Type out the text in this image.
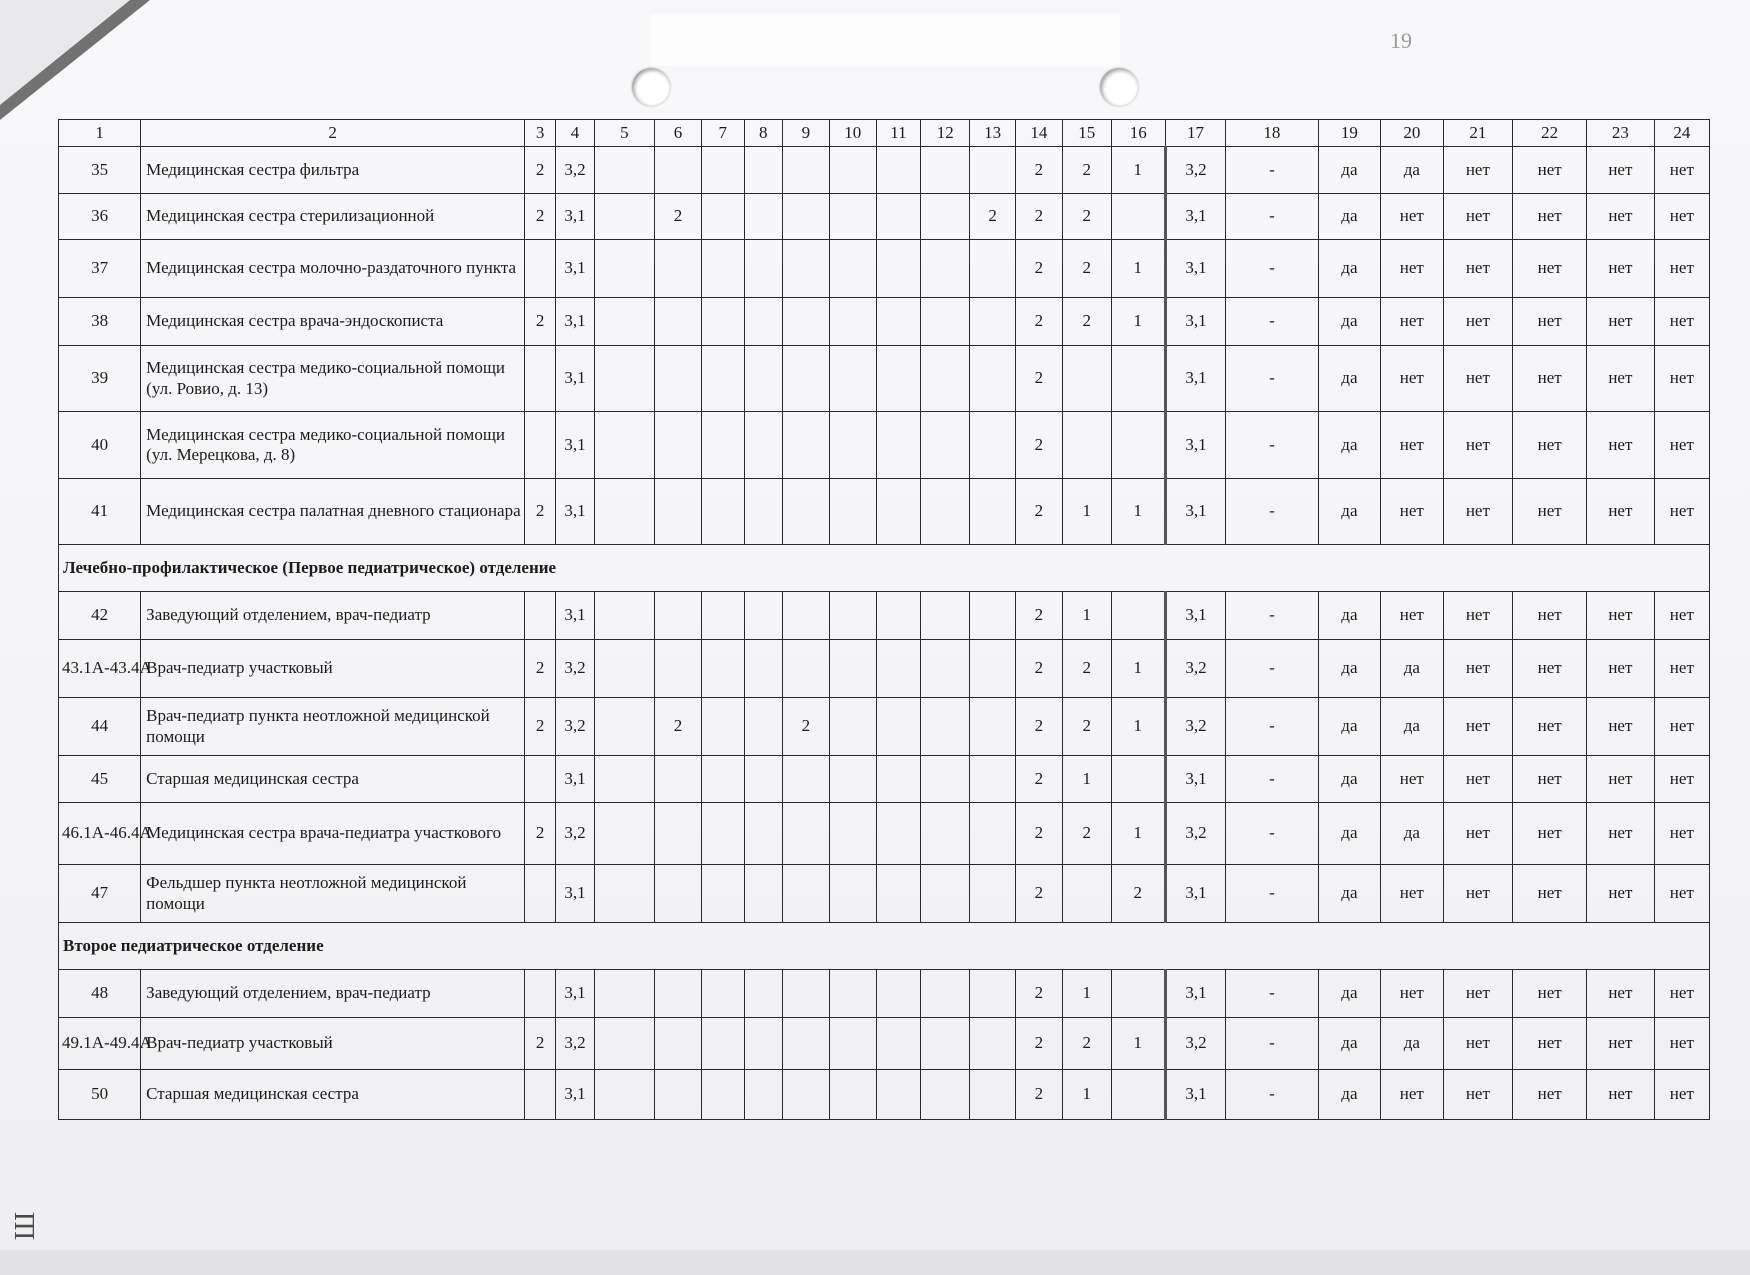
19
Ш
1	2	3	4	5	6	7	8	9	10	11	12	13	14	15	16	17	18	19	20	21	22	23	24
35	Медицинская сестра фильтра	2	3,2										2	2	1	3,2	-	да	да	нет	нет	нет	нет
36	Медицинская сестра стерилизационной	2	3,1		2							2	2	2		3,1	-	да	нет	нет	нет	нет	нет
37	Медицинская сестра молочно-раздаточного пункта		3,1										2	2	1	3,1	-	да	нет	нет	нет	нет	нет
38	Медицинская сестра врача-эндоскописта	2	3,1										2	2	1	3,1	-	да	нет	нет	нет	нет	нет
39	Медицинская сестра медико-социальной помощи (ул. Ровио, д. 13)		3,1										2			3,1	-	да	нет	нет	нет	нет	нет
40	Медицинская сестра медико-социальной помощи (ул. Мерецкова, д. 8)		3,1										2			3,1	-	да	нет	нет	нет	нет	нет
41	Медицинская сестра палатная дневного стационара	2	3,1										2	1	1	3,1	-	да	нет	нет	нет	нет	нет
Лечебно-профилактическое (Первое педиатрическое) отделение																							
42	Заведующий отделением, врач-педиатр		3,1										2	1		3,1	-	да	нет	нет	нет	нет	нет
43.1А-43.4А	Врач-педиатр участковый	2	3,2										2	2	1	3,2	-	да	да	нет	нет	нет	нет
44	Врач-педиатр пункта неотложной медицинской помощи	2	3,2		2			2					2	2	1	3,2	-	да	да	нет	нет	нет	нет
45	Старшая медицинская сестра		3,1										2	1		3,1	-	да	нет	нет	нет	нет	нет
46.1А-46.4А	Медицинская сестра врача-педиатра участкового	2	3,2										2	2	1	3,2	-	да	да	нет	нет	нет	нет
47	Фельдшер пункта неотложной медицинской помощи		3,1										2		2	3,1	-	да	нет	нет	нет	нет	нет
Второе педиатрическое отделение																							
48	Заведующий отделением, врач-педиатр		3,1										2	1		3,1	-	да	нет	нет	нет	нет	нет
49.1А-49.4А	Врач-педиатр участковый	2	3,2										2	2	1	3,2	-	да	да	нет	нет	нет	нет
50	Старшая медицинская сестра		3,1										2	1		3,1	-	да	нет	нет	нет	нет	нет
